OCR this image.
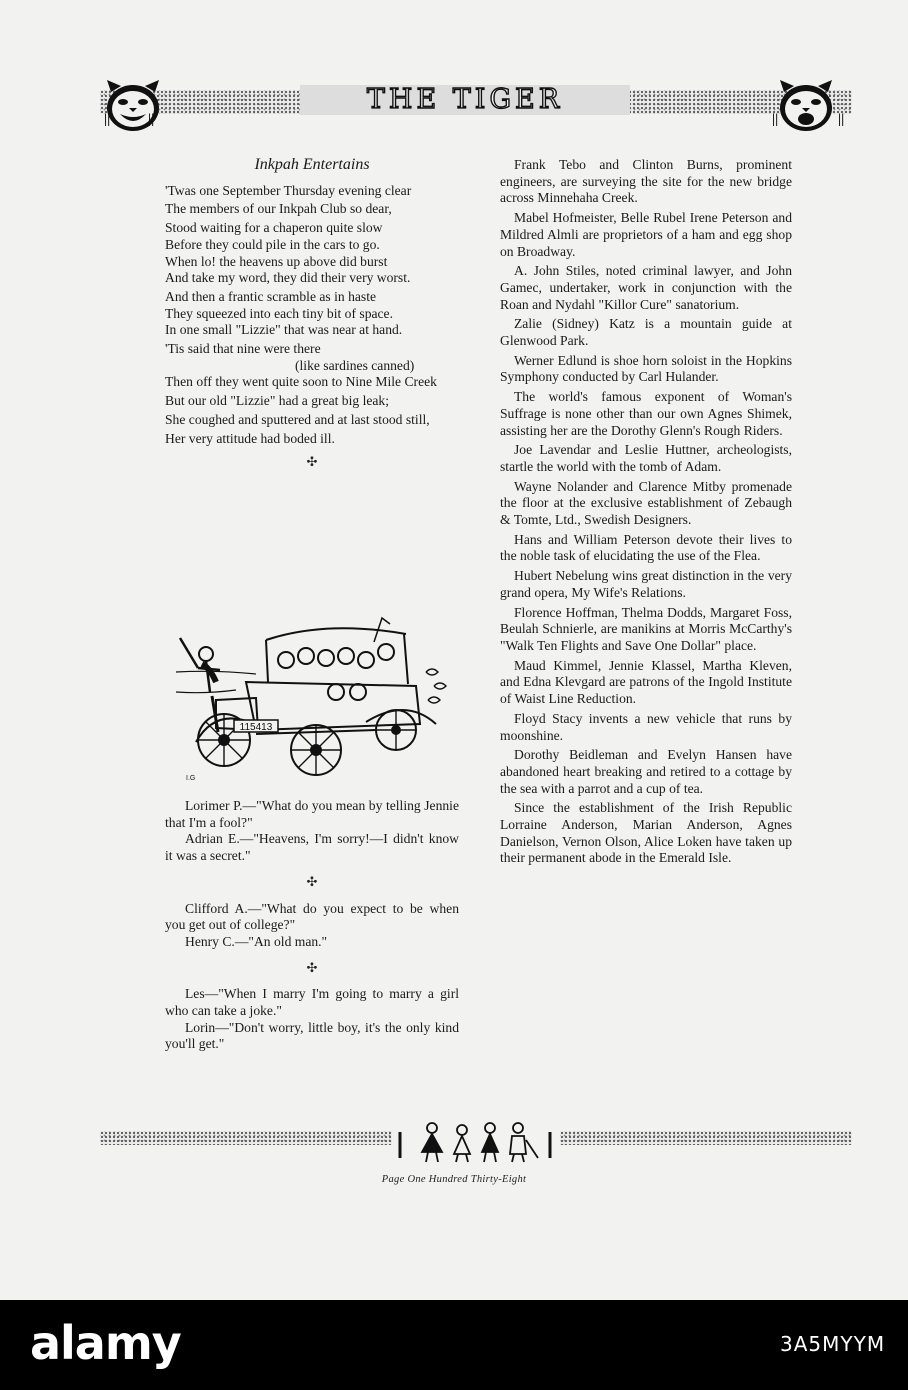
THE TIGER
||	||	||	||
Inkpah Entertains
'Twas one September Thursday evening clear
The members of our Inkpah Club so dear,
Stood waiting for a chaperon quite slow
Before they could pile in the cars to go.
When lo! the heavens up above did burst
And take my word, they did their very worst.
And then a frantic scramble as in haste
They squeezed into each tiny bit of space.
In one small "Lizzie" that was near at hand.
'Tis said that nine were there
(like sardines canned)
Then off they went quite soon to Nine Mile Creek
But our old "Lizzie" had a great big leak;
She coughed and sputtered and at last stood still,
Her very attitude had boded ill.
✣
115413
I.G
Lorimer P.—"What do you mean by telling Jennie that I'm a fool?"
Adrian E.—"Heavens, I'm sorry!—I didn't know it was a secret."
✣
Clifford A.—"What do you expect to be when you get out of college?"
Henry C.—"An old man."
✣
Les—"When I marry I'm going to marry a girl who can take a joke."
Lorin—"Don't worry, little boy, it's the only kind you'll get."
Frank Tebo and Clinton Burns, prominent engineers, are surveying the site for the new bridge across Minnehaha Creek.
Mabel Hofmeister, Belle Rubel Irene Peterson and Mildred Almli are proprietors of a ham and egg shop on Broadway.
A. John Stiles, noted criminal lawyer, and John Gamec, undertaker, work in conjunction with the Roan and Nydahl "Killor Cure" sanatorium.
Zalie (Sidney) Katz is a mountain guide at Glenwood Park.
Werner Edlund is shoe horn soloist in the Hopkins Symphony conducted by Carl Hulander.
The world's famous exponent of Woman's Suffrage is none other than our own Agnes Shimek, assisting her are the Dorothy Glenn's Rough Riders.
Joe Lavendar and Leslie Huttner, archeologists, startle the world with the tomb of Adam.
Wayne Nolander and Clarence Mitby promenade the floor at the exclusive establishment of Zebaugh & Tomte, Ltd., Swedish Designers.
Hans and William Peterson devote their lives to the noble task of elucidating the use of the Flea.
Hubert Nebelung wins great distinction in the very grand opera, My Wife's Relations.
Florence Hoffman, Thelma Dodds, Margaret Foss, Beulah Schnierle, are manikins at Morris McCarthy's "Walk Ten Flights and Save One Dollar" place.
Maud Kimmel, Jennie Klassel, Martha Kleven, and Edna Klevgard are patrons of the Ingold Institute of Waist Line Reduction.
Floyd Stacy invents a new vehicle that runs by moonshine.
Dorothy Beidleman and Evelyn Hansen have abandoned heart breaking and retired to a cottage by the sea with a parrot and a cup of tea.
Since the establishment of the Irish Republic Lorraine Anderson, Marian Anderson, Agnes Danielson, Vernon Olson, Alice Loken have taken up their permanent abode in the Emerald Isle.
Page One Hundred Thirty-Eight
alamy	3A5MYYM
